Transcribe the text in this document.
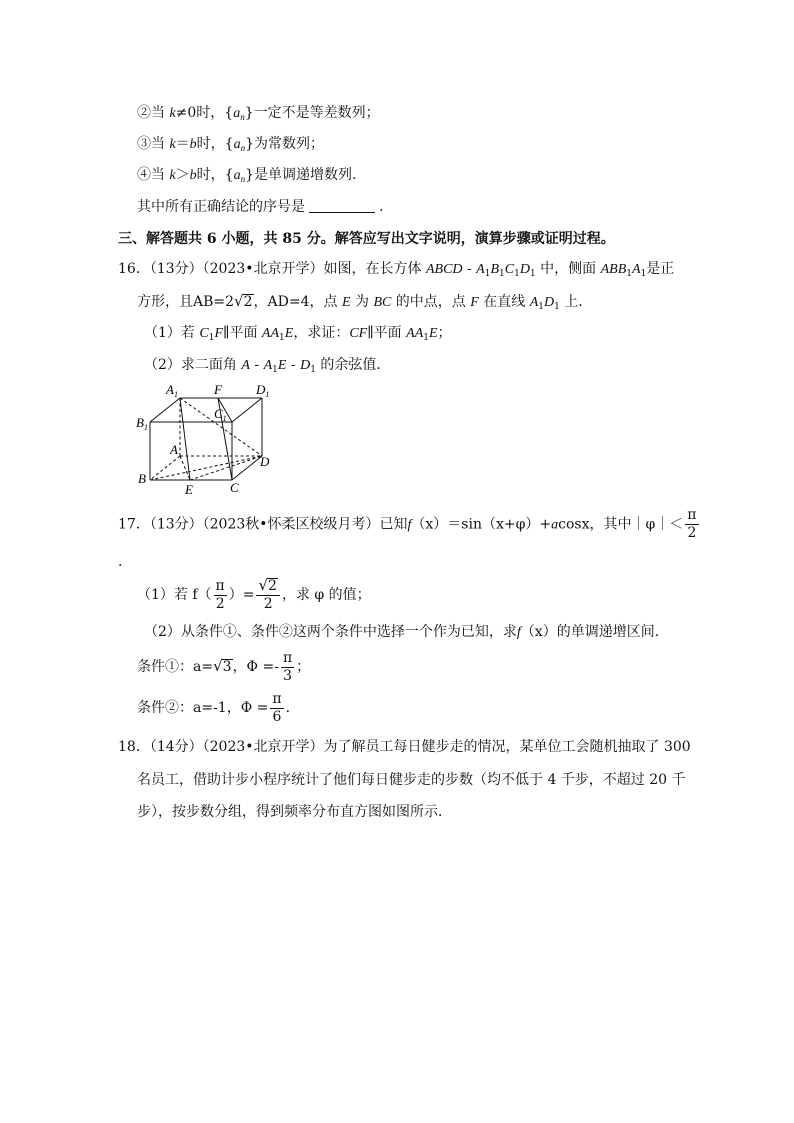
②当 k≠0时，$\{a_n\}$一定不是等差数列；
③当 k＝b时，$\{a_n\}$为常数列；
④当 k＞b时，$\{a_n\}$是单调递增数列.
其中所有正确结论的序号是	.
三、解答题共 6 小题，共 85 分。解答应写出文字说明，演算步骤或证明过程。
16．（13分）（2023•北京开学）如图，在长方体 ABCD - $A_1B_1C_1D_1$ 中，侧面 $ABB_1A_1$是正
方形，且AB=2√2，AD=4，点 E 为 BC 的中点，点 F 在直线 $A_1D_1$ 上．
（1）若 $C_1F\parallel$平面 $AA_1E$，求证：CF∥平面 $AA_1E$；
（2）求二面角 A - $A_1E - D_1$ 的余弦值．
$A_1$	F	$D_1$
$B_1$
$C_1$
A
D
B
E	C
17．（13分）（2023秋•怀柔区校级月考）已知f（x）＝sin（x+φ）+acosx，其中｜φ｜＜ $\frac{\pi}{2}$
.
（1）若 $f( \frac{\pi}{2}$ ）= $\frac{√2}{2}$ ，求 φ 的值；
（2）从条件①、条件②这两个条件中选择一个作为已知，求f（x）的单调递增区间．
条件①：a=√3，$\Phi =- \frac{\pi}{3}$ ；
条件②：a=-1，$\Phi = \frac{\pi}{6}$ .
18．（14分）（2023•北京开学）为了解员工每日健步走的情况，某单位工会随机抽取了 300
名员工，借助计步小程序统计了他们每日健步走的步数（均不低于 4 千步，不超过 20 千
步），按步数分组，得到频率分布直方图如图所示．
